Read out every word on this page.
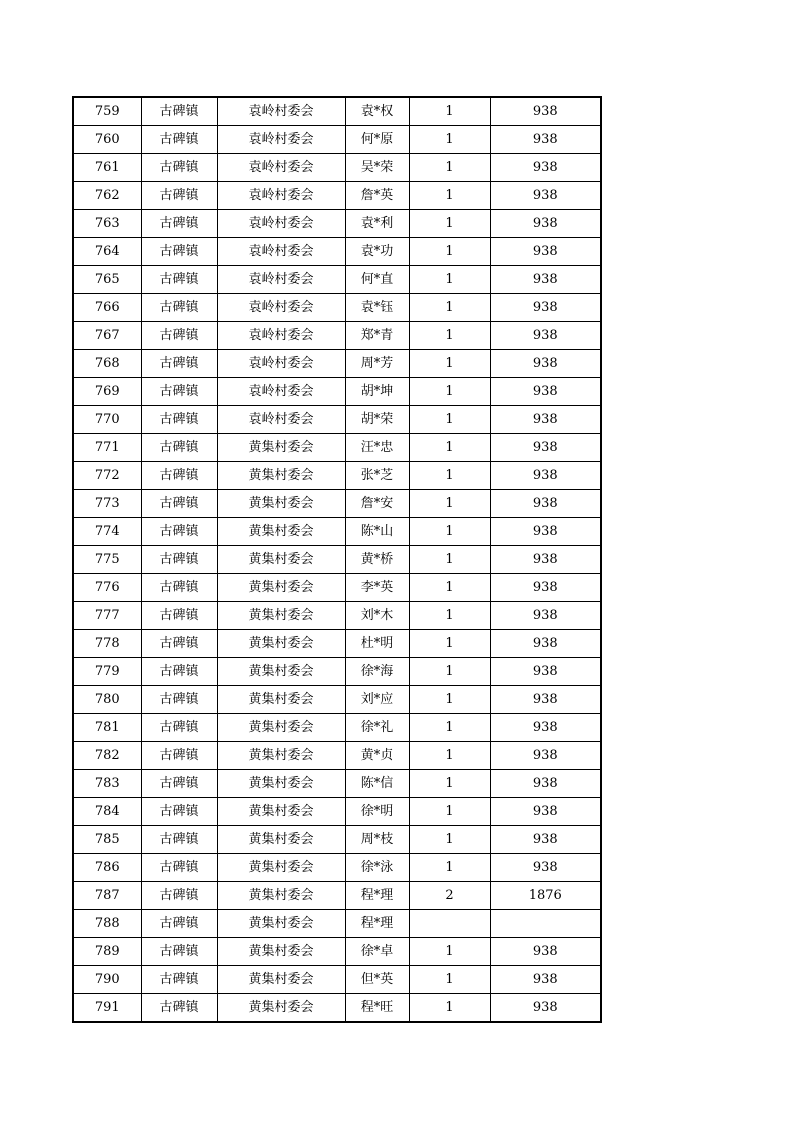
759	古碑镇	袁岭村委会	袁*权	1	938
760	古碑镇	袁岭村委会	何*原	1	938
761	古碑镇	袁岭村委会	吴*荣	1	938
762	古碑镇	袁岭村委会	詹*英	1	938
763	古碑镇	袁岭村委会	袁*利	1	938
764	古碑镇	袁岭村委会	袁*功	1	938
765	古碑镇	袁岭村委会	何*直	1	938
766	古碑镇	袁岭村委会	袁*钰	1	938
767	古碑镇	袁岭村委会	郑*青	1	938
768	古碑镇	袁岭村委会	周*芳	1	938
769	古碑镇	袁岭村委会	胡*坤	1	938
770	古碑镇	袁岭村委会	胡*荣	1	938
771	古碑镇	黄集村委会	汪*忠	1	938
772	古碑镇	黄集村委会	张*芝	1	938
773	古碑镇	黄集村委会	詹*安	1	938
774	古碑镇	黄集村委会	陈*山	1	938
775	古碑镇	黄集村委会	黄*桥	1	938
776	古碑镇	黄集村委会	李*英	1	938
777	古碑镇	黄集村委会	刘*木	1	938
778	古碑镇	黄集村委会	杜*明	1	938
779	古碑镇	黄集村委会	徐*海	1	938
780	古碑镇	黄集村委会	刘*应	1	938
781	古碑镇	黄集村委会	徐*礼	1	938
782	古碑镇	黄集村委会	黄*贞	1	938
783	古碑镇	黄集村委会	陈*信	1	938
784	古碑镇	黄集村委会	徐*明	1	938
785	古碑镇	黄集村委会	周*枝	1	938
786	古碑镇	黄集村委会	徐*泳	1	938
787	古碑镇	黄集村委会	程*理	2	1876
788	古碑镇	黄集村委会	程*理		
789	古碑镇	黄集村委会	徐*卓	1	938
790	古碑镇	黄集村委会	但*英	1	938
791	古碑镇	黄集村委会	程*旺	1	938
